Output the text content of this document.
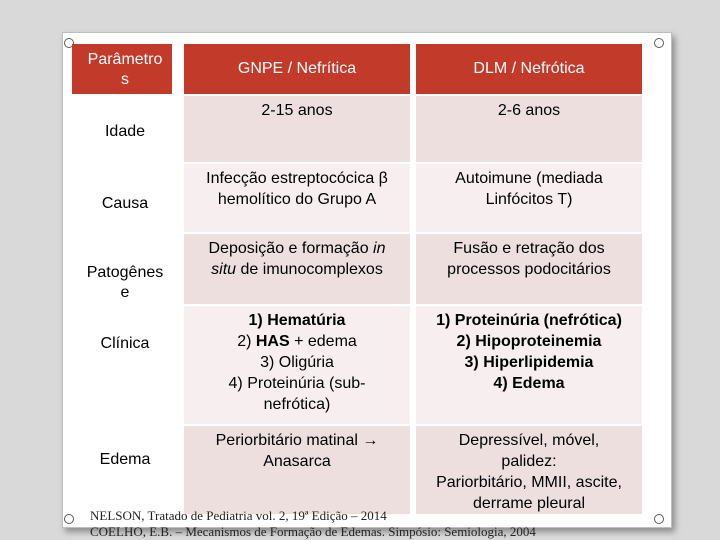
Parâmetro
s
GNPE / Nefrítica	DLM / Nefrótica
Idade
2-15 anos	2-6 anos
Causa
Infecção estreptocócica β
hemolítico do Grupo A
Autoimune (mediada
Linfócitos T)
Patogênes
e
Deposição e formação in
situ de imunocomplexos
Fusão e retração dos
processos podocitários
Clínica
1) Hematúria
2) HAS + edema
3) Oligúria
4) Proteinúria (sub-
nefrótica)
1) Proteinúria (nefrótica)
2) Hipoproteinemia
3) Hiperlipidemia
4) Edema
Edema
Periorbitário matinal →
Anasarca
Depressível, móvel,
palidez:
Pariorbitário, MMII, ascite,
derrame pleural
NELSON, Tratado de Pediatria vol. 2, 19ª Edição – 2014
COELHO, E.B. – Mecanismos de Formação de Edemas. Simpósio: Semiologia, 2004
